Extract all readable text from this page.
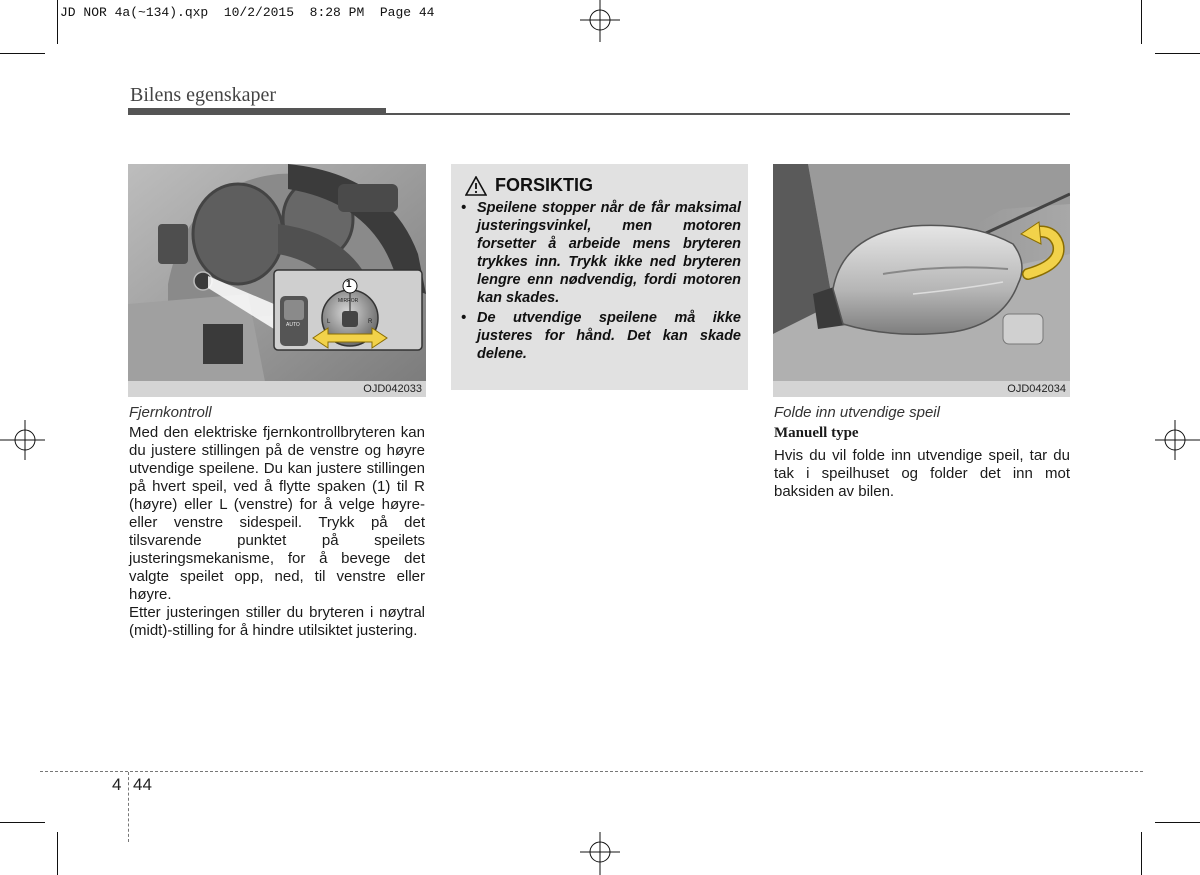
JD NOR 4a(~134).qxp  10/2/2015  8:28 PM  Page 44
Bilens egenskaper
1
MIRROR
L	R
AUTO
OJD042033
Fjernkontroll

Med den elektriske fjernkontrollbryteren kan du justere stillingen på de venstre og høyre utvendige speilene. Du kan justere stillingen på hvert speil, ved å flytte spaken (1) til R (høyre) eller L (venstre) for å velge høyre- eller venstre sidespeil. Trykk på det tilsvarende punktet på speilets justeringsmekanisme, for å bevege det valgte speilet opp, ned, til venstre eller høyre.

Etter justeringen stiller du bryteren i nøytral (midt)-stilling for å hindre utilsiktet justering.

FORSIKTIG
• Speilene stopper når de får maksimal justeringsvinkel, men motoren forsetter å arbeide mens bryteren trykkes inn. Trykk ikke ned bryteren lengre enn nødvendig, fordi motoren kan skades.
• De utvendige speilene må ikke justeres for hånd. Det kan skade delene.
OJD042034
Folde inn utvendige speil
Manuell type
Hvis du vil folde inn utvendige speil, tar du tak i speilhuset og folder det inn mot baksiden av bilen.
4 44
